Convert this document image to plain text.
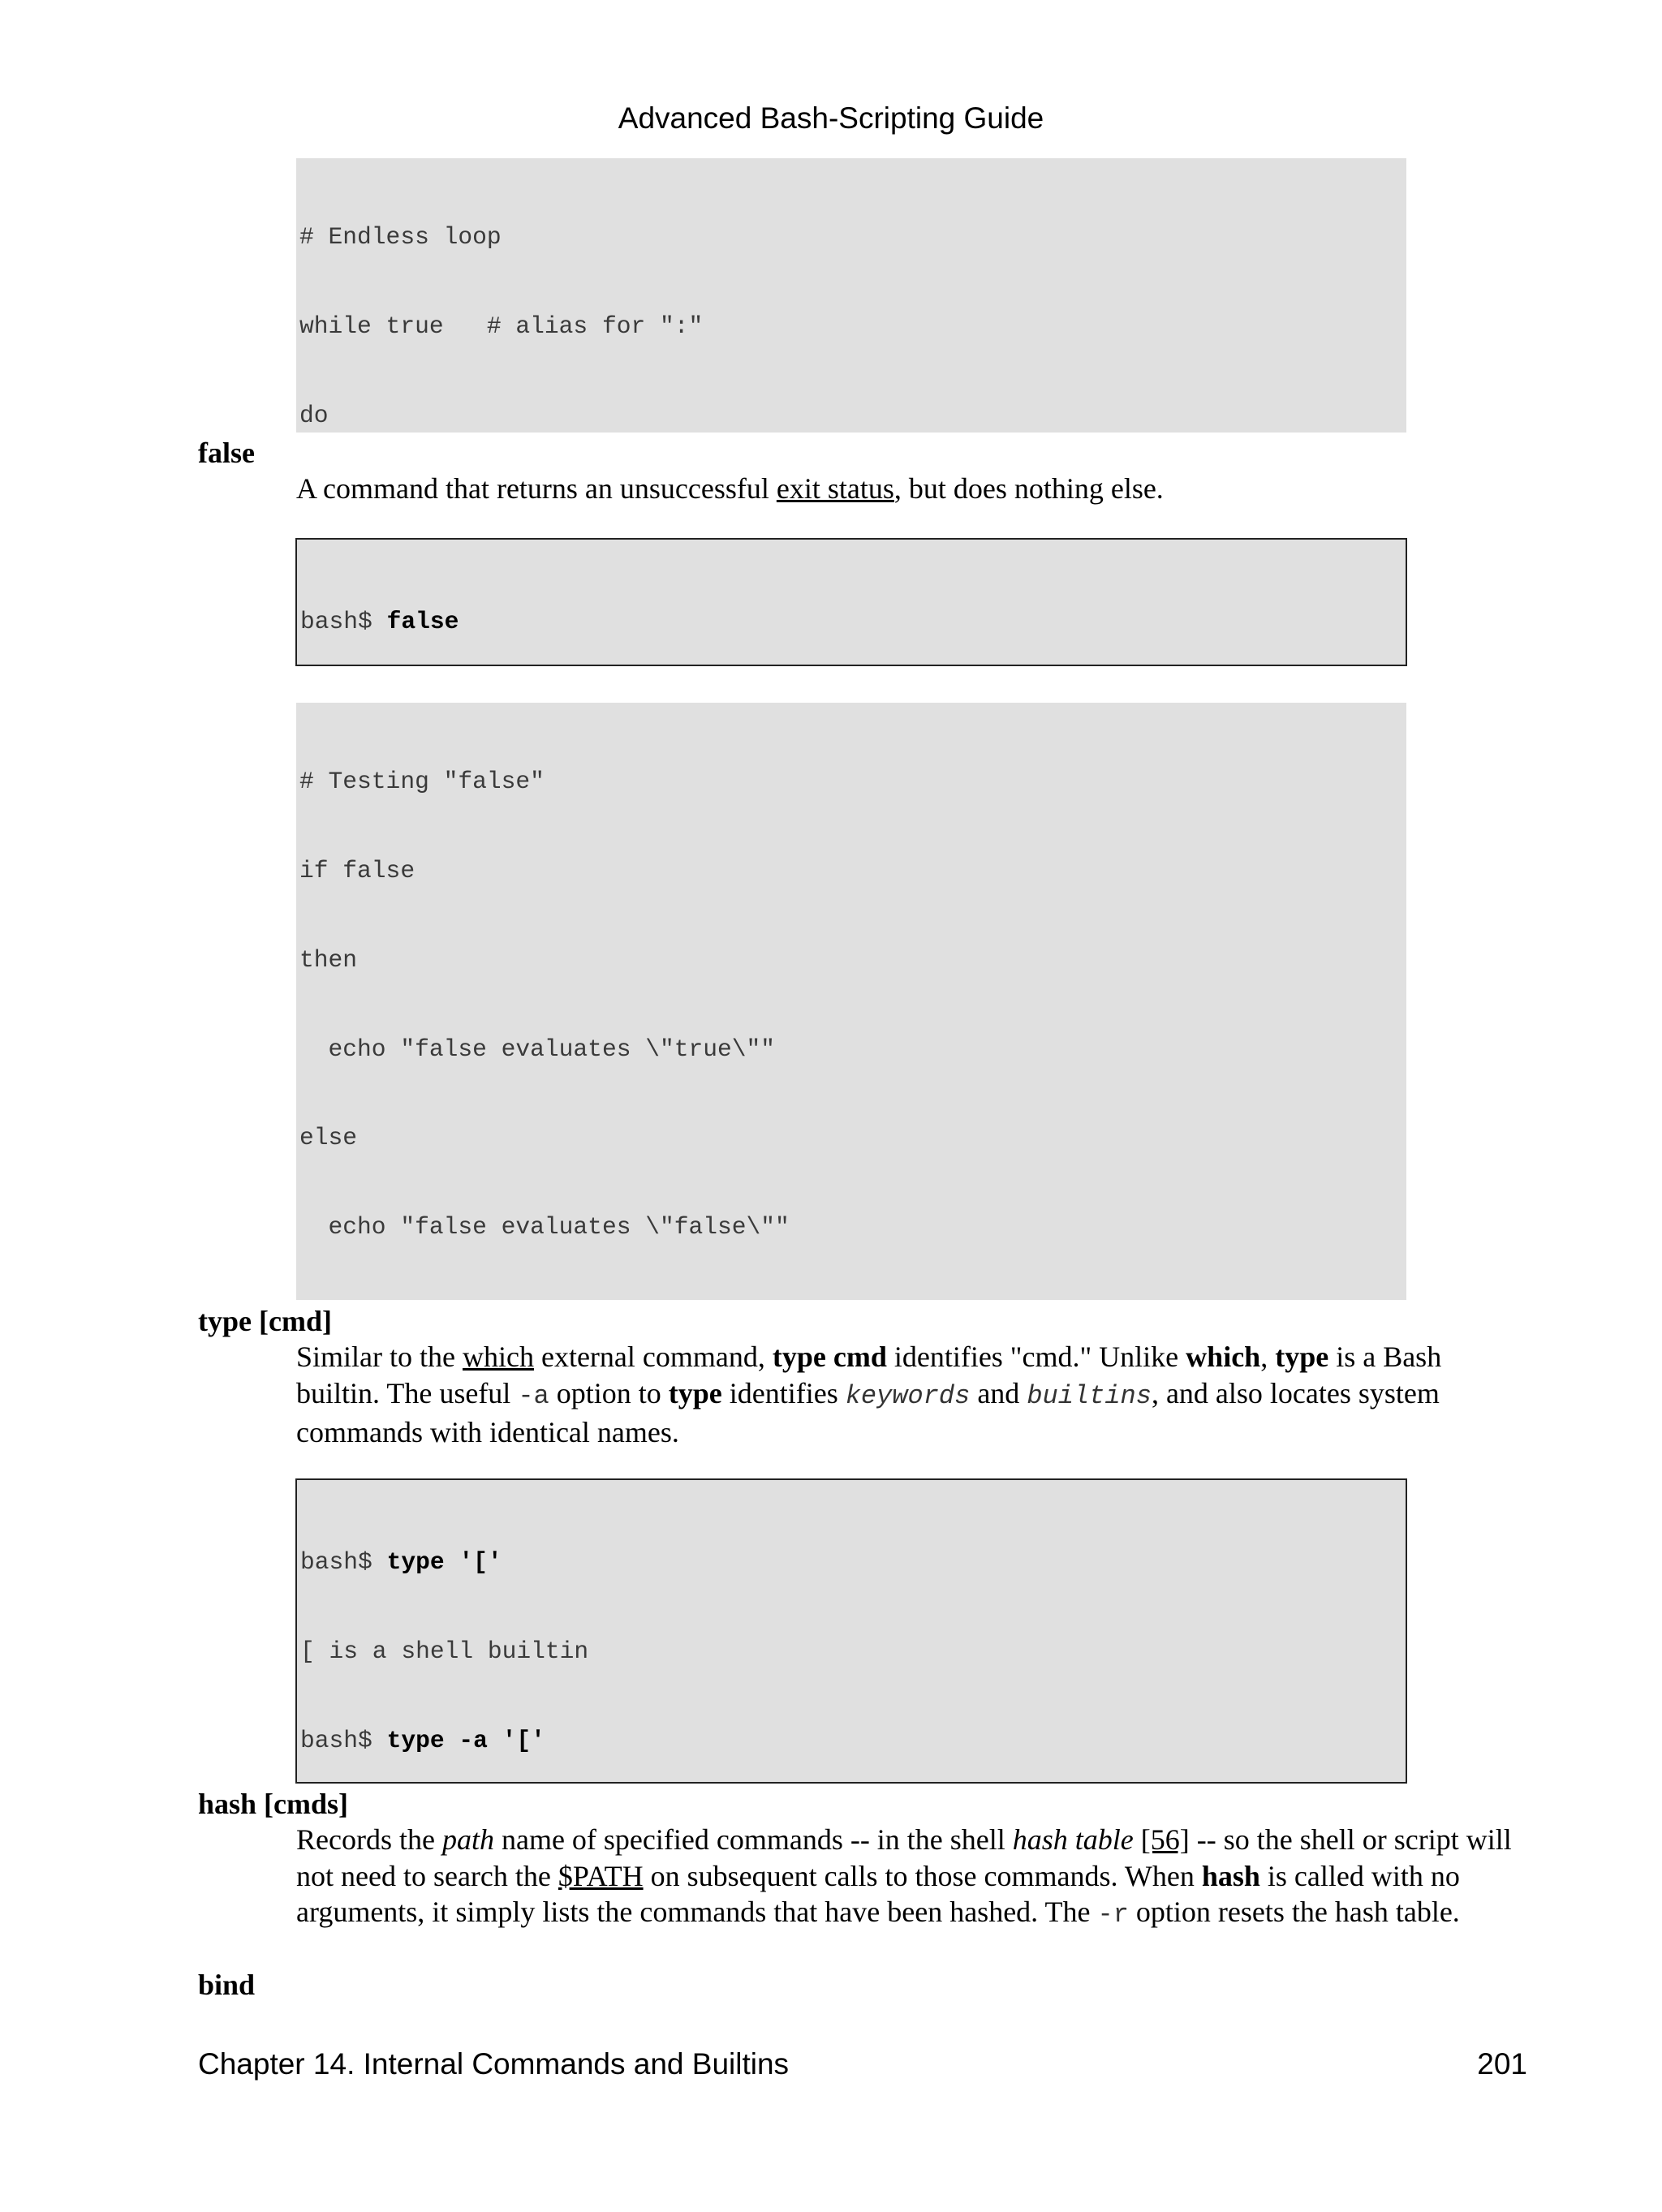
Advanced Bash-Scripting Guide

# Endless loop

while true   # alias for ":"

do

false
A command that returns an unsuccessful exit status, but does nothing else.

bash$ false

# Testing "false"

if false

then

echo "false evaluates \"true\""

else

echo "false evaluates \"false\""

type [cmd]
Similar to the which external command, type cmd identifies "cmd." Unlike which, type is a Bash builtin. The useful -a option to type identifies keywords and builtins, and also locates system commands with identical names.

bash$ type '['

[ is a shell builtin

bash$ type -a '['

hash [cmds]
Records the path name of specified commands -- in the shell hash table [56] -- so the shell or script will not need to search the $PATH on subsequent calls to those commands. When hash is called with no arguments, it simply lists the commands that have been hashed. The -r option resets the hash table.
bind
Chapter 14. Internal Commands and Builtins	201
